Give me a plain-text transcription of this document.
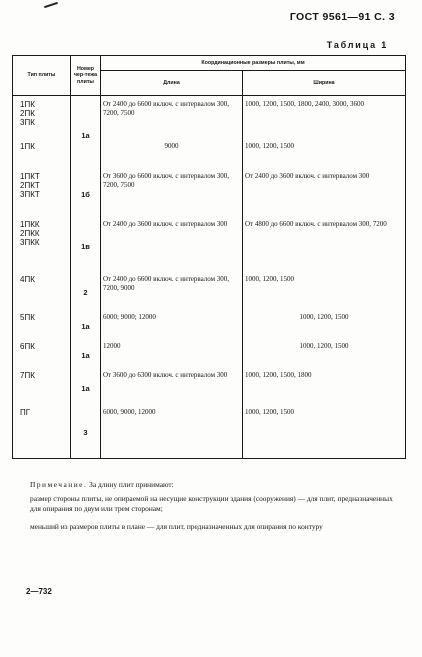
ГОСТ 9561—91 С. 3
Таблица 1
Тип плиты	Номер чер-тежа плиты	Координационные размеры плиты, мм	
		Длина	Ширина

1ПК
2ПК
3ПК	1а	От 2400 до 6600 включ. с интервалом 300, 7200, 7500	1000, 1200, 1500, 1800, 2400, 3000, 3600

1ПК		9000	1000, 1200, 1500

1ПКТ
2ПКТ
3ПКТ	1б	От 3600 до 6600 включ. с интервалом 300, 7200, 7500	От 2400 до 3600 включ. с интервалом 300

1ПКК
2ПКК
3ПКК	1в	От 2400 до 3600 включ. с интервалом 300	От 4800 до 6600 включ. с интервалом 300, 7200

4ПК	2	От 2400 до 6600 включ. с интервалом 300, 7200, 9000	1000, 1200, 1500

5ПК	1а	6000; 9000; 12000	1000, 1200, 1500

6ПК	1а	12000	1000, 1200, 1500

7ПК	1а	От 3600 до 6300 включ. с интервалом 300	1000, 1200, 1500, 1800

ПГ	3	6000, 9000, 12000	1000, 1200, 1500
Примечание. За длину плит принимают:
размер стороны плиты, не опираемой на несущие конструкции здания (сооружения) — для плит, предназначенных для опирания по двум или трем сторонам;
меньший из размеров плиты в плане — для плит, предназначенных для опирания по контуру
2—732
